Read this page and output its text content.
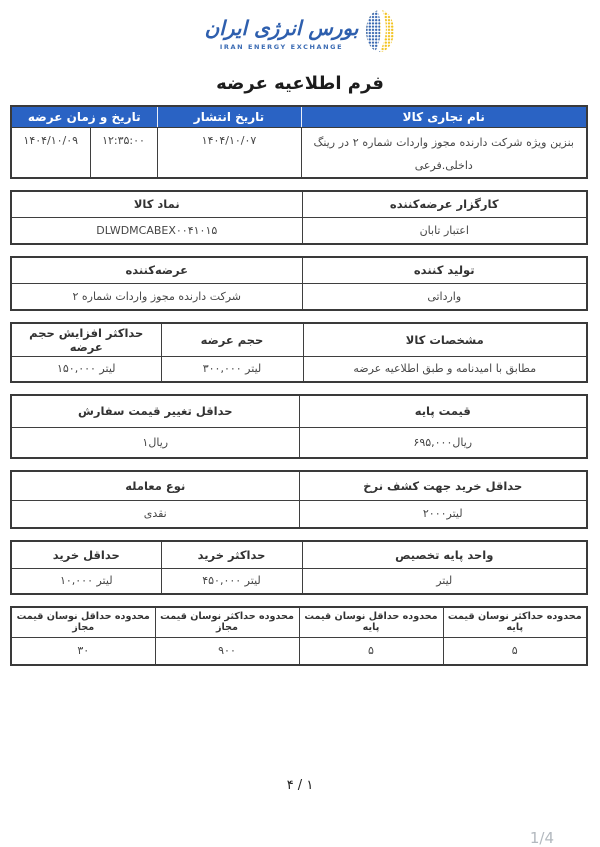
بورس انرژی ایران
IRAN ENERGY EXCHANGE
فرم اطلاعیه عرضه
نام تجاری کالا	تاریخ انتشار	تاریخ و زمان عرضه	
بنزین ویژه شرکت دارنده مجوز واردات شماره ۲ در رینگ داخلی.فرعی	۱۴۰۴/۱۰/۰۷	۱۲:۳۵:۰۰	۱۴۰۴/۱۰/۰۹
کارگزار عرضه‌کننده	نماد کالا
اعتبار تابان	DLWDMCABEX۰۰۴۱۰۱۵
تولید کننده	عرضه‌کننده
وارداتی	شرکت دارنده مجوز واردات شماره ۲
مشخصات کالا	حجم عرضه	حداکثر افزایش حجم عرضه
مطابق با امیدنامه و طبق اطلاعیه عرضه	لیتر ۳۰۰,۰۰۰	لیتر ۱۵۰,۰۰۰
قیمت پایه	حداقل تغییر قیمت سفارش
ریال۶۹۵,۰۰۰	ریال۱
حداقل خرید جهت کشف نرخ	نوع معامله
لیتر۲۰۰۰	نقدی
واحد پایه تخصیص	حداکثر خرید	حداقل خرید
لیتر	لیتر ۴۵۰,۰۰۰	لیتر ۱۰,۰۰۰
محدوده حداکثر نوسان قیمت پایه	محدوده حداقل نوسان قیمت پایه	محدوده حداکثر نوسان قیمت مجاز	محدوده حداقل نوسان قیمت مجاز
۵	۵	۹۰۰	۳۰
۱ / ۴
1/4
